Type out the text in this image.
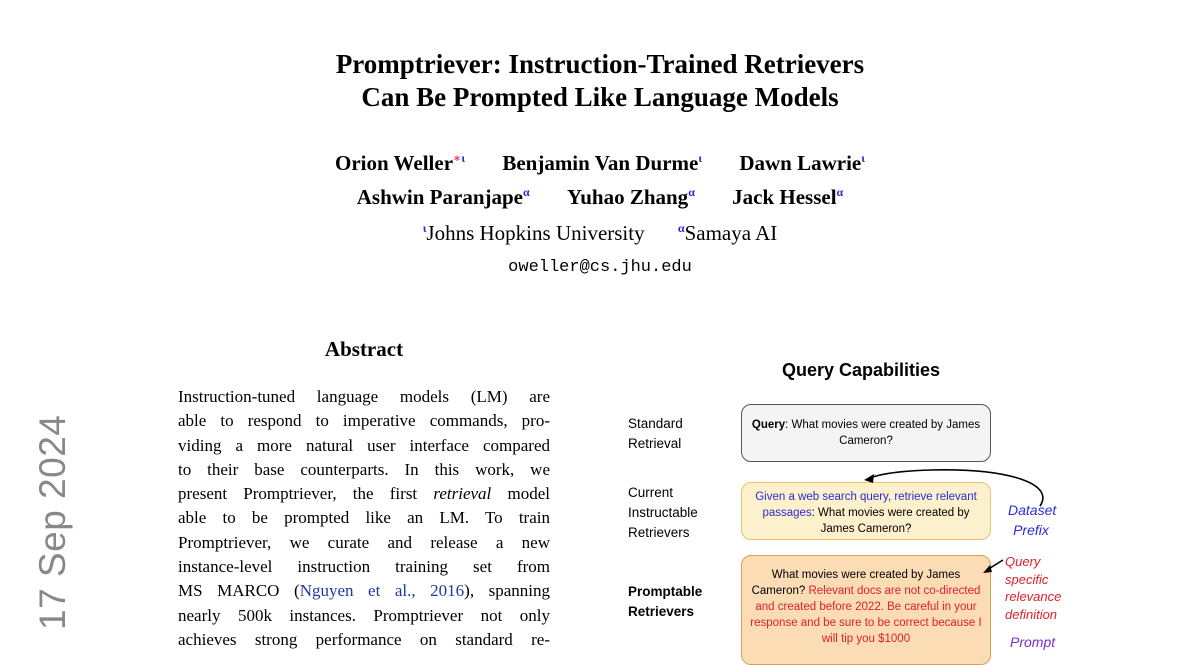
Promptriever: Instruction-Trained Retrievers
Can Be Prompted Like Language Models
Orion Weller$^{∗\iota}$ Benjamin Van Durme$^\iota$ Dawn Lawrie$^\iota$
Ashwin Paranjape$^\alpha$ Yuhao Zhang$^\alpha$ Jack Hessel$^\alpha$
$^\iota$Johns Hopkins University	$^\alpha$Samaya AI
oweller@cs.jhu.edu
17 Sep 2024
Abstract
Instruction-tuned language models (LM) are
able to respond to imperative commands, pro-
viding a more natural user interface compared
to their base counterparts. In this work, we
present Promptriever, the first retrieval model
able to be prompted like an LM. To train
Promptriever, we curate and release a new
instance-level instruction training set from
MS MARCO (Nguyen et al., 2016), spanning
nearly 500k instances. Promptriever not only
achieves strong performance on standard re-
Query Capabilities
Standard
Retrieval
Current
Instructable
Retrievers
Promptable
Retrievers
Query: What movies were created by James Cameron?
Given a web search query, retrieve relevant passages: What movies were created by James Cameron?
What movies were created by James Cameron? Relevant docs are not co-directed and created before 2022. Be careful in your response and be sure to be correct because I will tip you $1000
Dataset
Prefix
Query
specific
relevance
definition
Prompt
